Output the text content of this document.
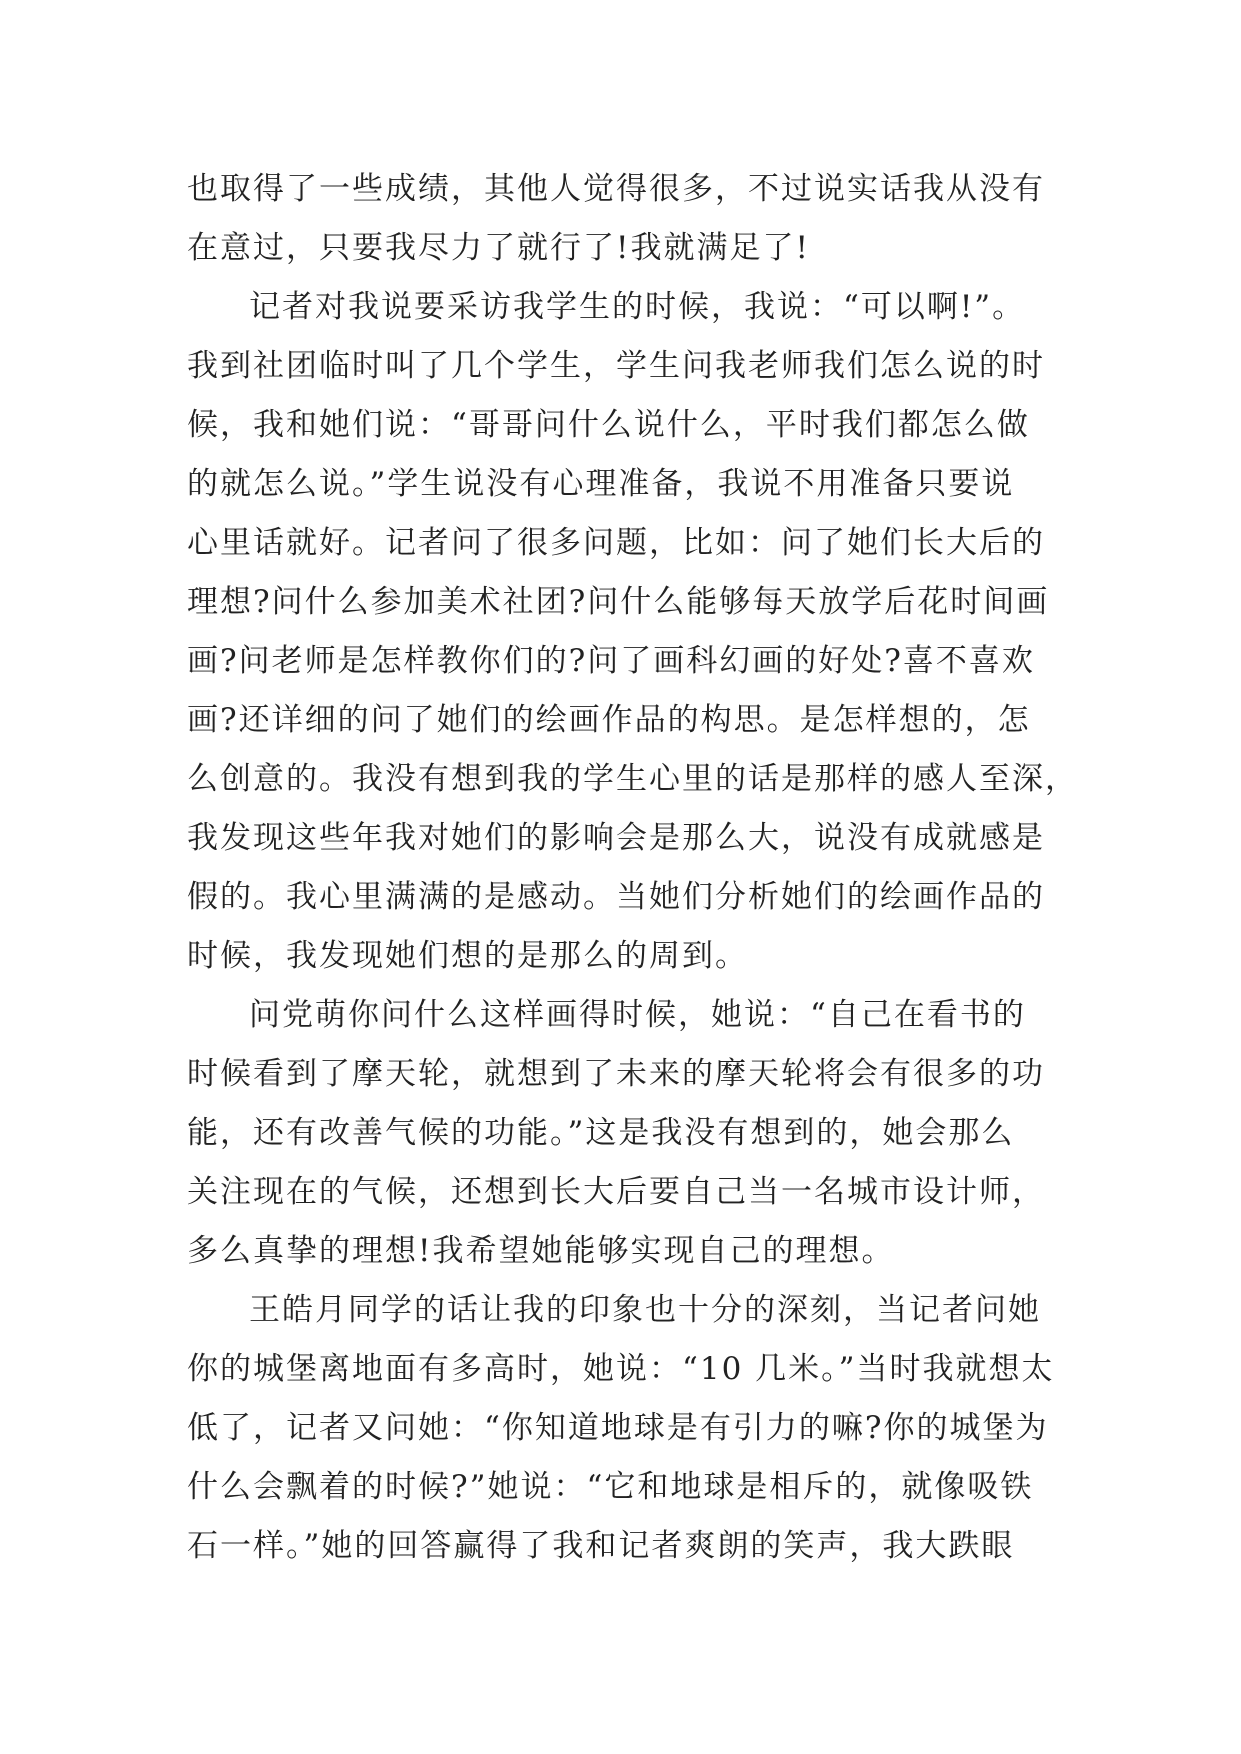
也取得了一些成绩，其他人觉得很多，不过说实话我从没有
在意过，只要我尽力了就行了!我就满足了!
记者对我说要采访我学生的时候，我说：“可以啊!”。
我到社团临时叫了几个学生，学生问我老师我们怎么说的时
候，我和她们说：“哥哥问什么说什么，平时我们都怎么做
的就怎么说。”学生说没有心理准备，我说不用准备只要说
心里话就好。记者问了很多问题，比如：问了她们长大后的
理想?问什么参加美术社团?问什么能够每天放学后花时间画
画?问老师是怎样教你们的?问了画科幻画的好处?喜不喜欢
画?还详细的问了她们的绘画作品的构思。是怎样想的，怎
么创意的。我没有想到我的学生心里的话是那样的感人至深，
我发现这些年我对她们的影响会是那么大，说没有成就感是
假的。我心里满满的是感动。当她们分析她们的绘画作品的
时候，我发现她们想的是那么的周到。
问党萌你问什么这样画得时候，她说：“自己在看书的
时候看到了摩天轮，就想到了未来的摩天轮将会有很多的功
能，还有改善气候的功能。”这是我没有想到的，她会那么
关注现在的气候，还想到长大后要自己当一名城市设计师，
多么真挚的理想!我希望她能够实现自己的理想。
王皓月同学的话让我的印象也十分的深刻，当记者问她
你的城堡离地面有多高时，她说：“10 几米。”当时我就想太
低了，记者又问她：“你知道地球是有引力的嘛?你的城堡为
什么会飘着的时候?”她说：“它和地球是相斥的，就像吸铁
石一样。”她的回答赢得了我和记者爽朗的笑声，我大跌眼
